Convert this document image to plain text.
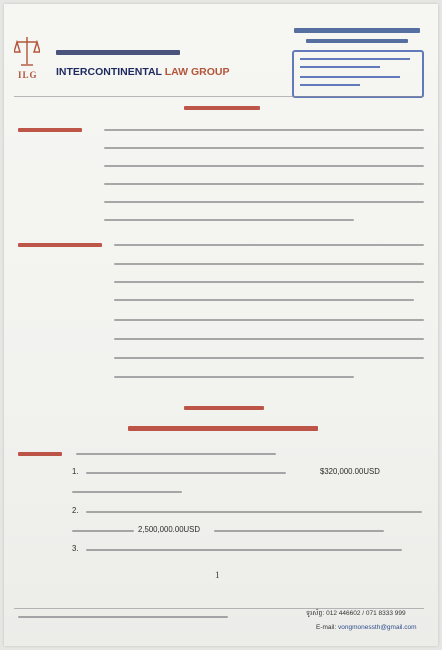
ILG INTERCONTINENTAL LAW GROUP
1.	$320,000.00USD
2.
2,500,000.00USD
3.
1
ទូរស័ព្ទ: 012 446602 / 071 8333 999
E-mail: vongmonessth@gmail.com
